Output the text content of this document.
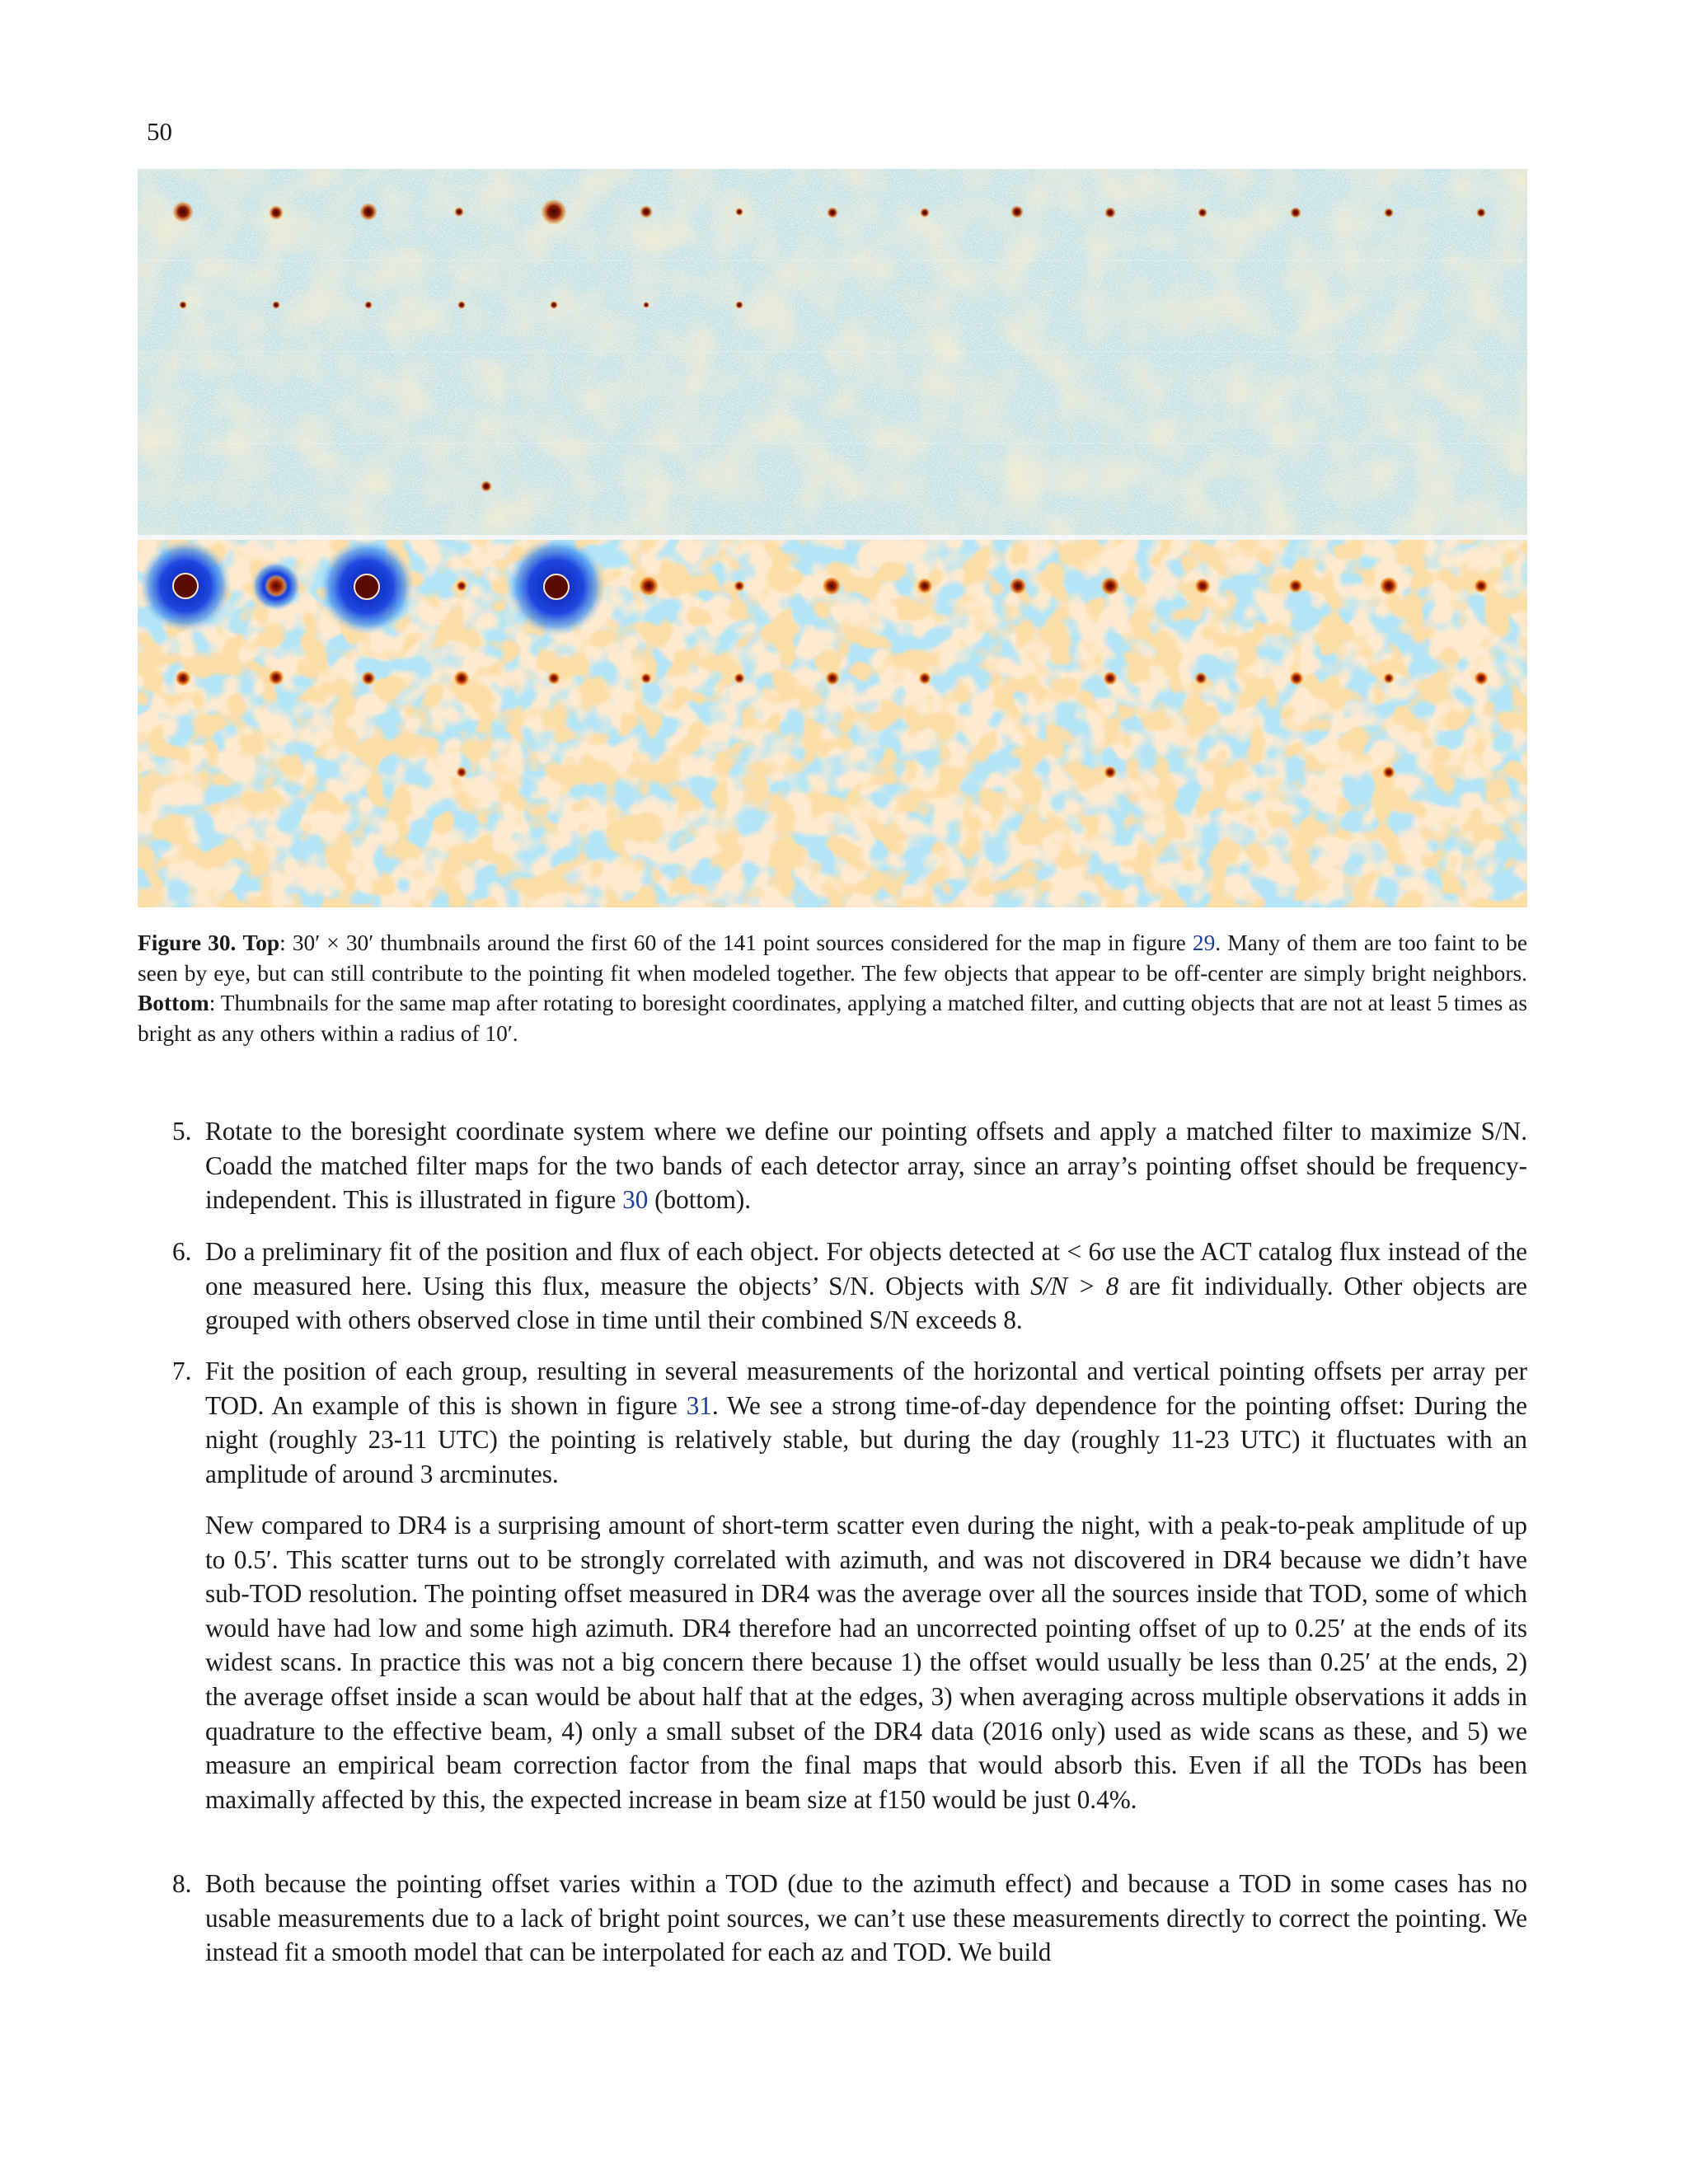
50
Figure 30. Top: 30′ × 30′ thumbnails around the first 60 of the 141 point sources considered for the map in figure 29. Many of them are too faint to be seen by eye, but can still contribute to the pointing fit when modeled together. The few objects that appear to be off-center are simply bright neighbors. Bottom: Thumbnails for the same map after rotating to boresight coordinates, applying a matched filter, and cutting objects that are not at least 5 times as bright as any others within a radius of 10′.
5. Rotate to the boresight coordinate system where we define our pointing offsets and apply a matched filter to maximize S/N. Coadd the matched filter maps for the two bands of each detector array, since an array’s pointing offset should be frequency-independent. This is illustrated in figure 30 (bottom).
6. Do a preliminary fit of the position and flux of each object. For objects detected at < 6σ use the ACT catalog flux instead of the one measured here. Using this flux, measure the objects’ S/N. Objects with S/N > 8 are fit individually. Other objects are grouped with others observed close in time until their combined S/N exceeds 8.
7. Fit the position of each group, resulting in several measurements of the horizontal and vertical pointing offsets per array per TOD. An example of this is shown in figure 31. We see a strong time-of-day dependence for the pointing offset: During the night (roughly 23-11 UTC) the pointing is relatively stable, but during the day (roughly 11-23 UTC) it fluctuates with an amplitude of around 3 arcminutes.
New compared to DR4 is a surprising amount of short-term scatter even during the night, with a peak-to-peak amplitude of up to 0.5′. This scatter turns out to be strongly correlated with azimuth, and was not discovered in DR4 because we didn’t have sub-TOD resolution. The pointing offset measured in DR4 was the average over all the sources inside that TOD, some of which would have had low and some high azimuth. DR4 therefore had an uncorrected pointing offset of up to 0.25′ at the ends of its widest scans. In practice this was not a big concern there because 1) the offset would usually be less than 0.25′ at the ends, 2) the average offset inside a scan would be about half that at the edges, 3) when averaging across multiple observations it adds in quadrature to the effective beam, 4) only a small subset of the DR4 data (2016 only) used as wide scans as these, and 5) we measure an empirical beam correction factor from the final maps that would absorb this. Even if all the TODs has been maximally affected by this, the expected increase in beam size at f150 would be just 0.4%.
8. Both because the pointing offset varies within a TOD (due to the azimuth effect) and because a TOD in some cases has no usable measurements due to a lack of bright point sources, we can’t use these measurements directly to correct the pointing. We instead fit a smooth model that can be interpolated for each az and TOD. We build
